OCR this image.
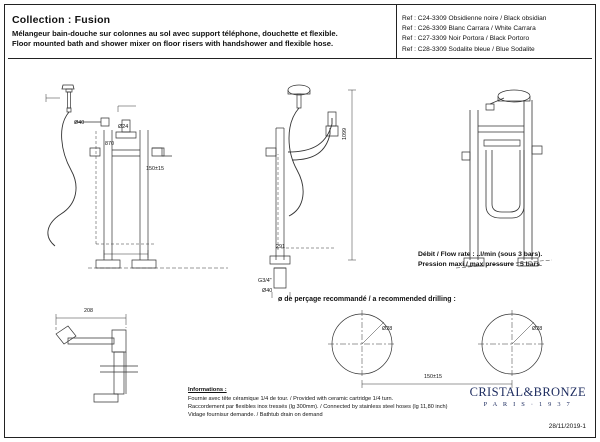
Collection : Fusion
Mélangeur bain-douche sur colonnes au sol avec support téléphone, douchette et flexible.
Floor mounted bath and shower mixer on floor risers with handshower and flexible hose.
Ref : C24-3309 Obsidienne noire / Black obsidian
Ref : C26-3309 Blanc Carrara / White Carrara
Ref : C27-3309 Noir Portora / Black Portoro
Ref : C28-3309 Sodalite bleue / Blue Sodalite
Débit / Flow rate : ..l/min (sous 3 bars).
Pression maxi / max pressure : 5 bars.
ø de perçage recommandé / a recommended drilling :
Informations :
Fournie avec tête céramique 1/4 de tour. / Provided with ceramic cartridge 1/4 turn.
Raccordement par flexibles inox tressés (lg 300mm). / Connected by stainless steel hoses (lg 11,80 inch)
Vidage fournisur demande. / Bathtub drain on demand
CRISTAL&BRONZE
P A R I S · 1 9 3 7
28/11/2019-1
Ø40
Ø24
870
150±15
1099
291
G3/4"
Ø40
208
Ø28	Ø28
150±15
